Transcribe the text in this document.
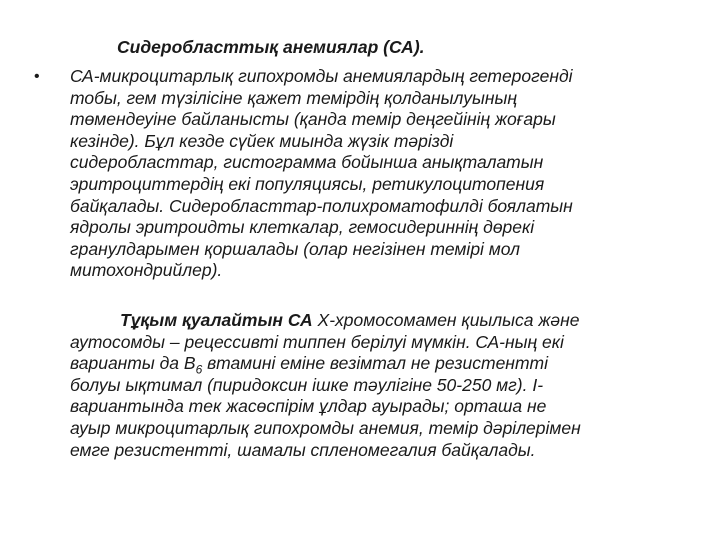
Сидеробласттық анемиялар (СА).
• СА-микроцитарлық гипохромды анемиялардың гетерогенді
тобы, гем түзілісіне қажет темірдің қолданылуының
төмендеуіне байланысты (қанда темір деңгейінің жоғары
кезінде). Бұл кезде сүйек миында жүзік тәрізді
сидеробласттар, гистограмма бойынша анықталатын
эритроциттердің екі популяциясы, ретикулоцитопения
байқалады. Сидеробласттар-полихроматофилді боялатын
ядролы эритроидты клеткалар, гемосидериннің дөрекі
гранулдарымен қоршалады (олар негізінен темірі мол
митохондрийлер).
Тұқым қуалайтын СА Х-хромосомамен қиылыса және
аутосомды – рецессивті типпен берілуі мүмкін. СА-ның екі
варианты да $В_6$ втамині еміне везімтал не резистентті
болуы ықтимал (пиридоксин ішке тәулігіне 50-250 мг). І-
вариантында тек жасөспірім ұлдар ауырады; орташа не
ауыр микроцитарлық гипохромды анемия, темір дәрілерімен
емге резистентті, шамалы спленомегалия байқалады.
